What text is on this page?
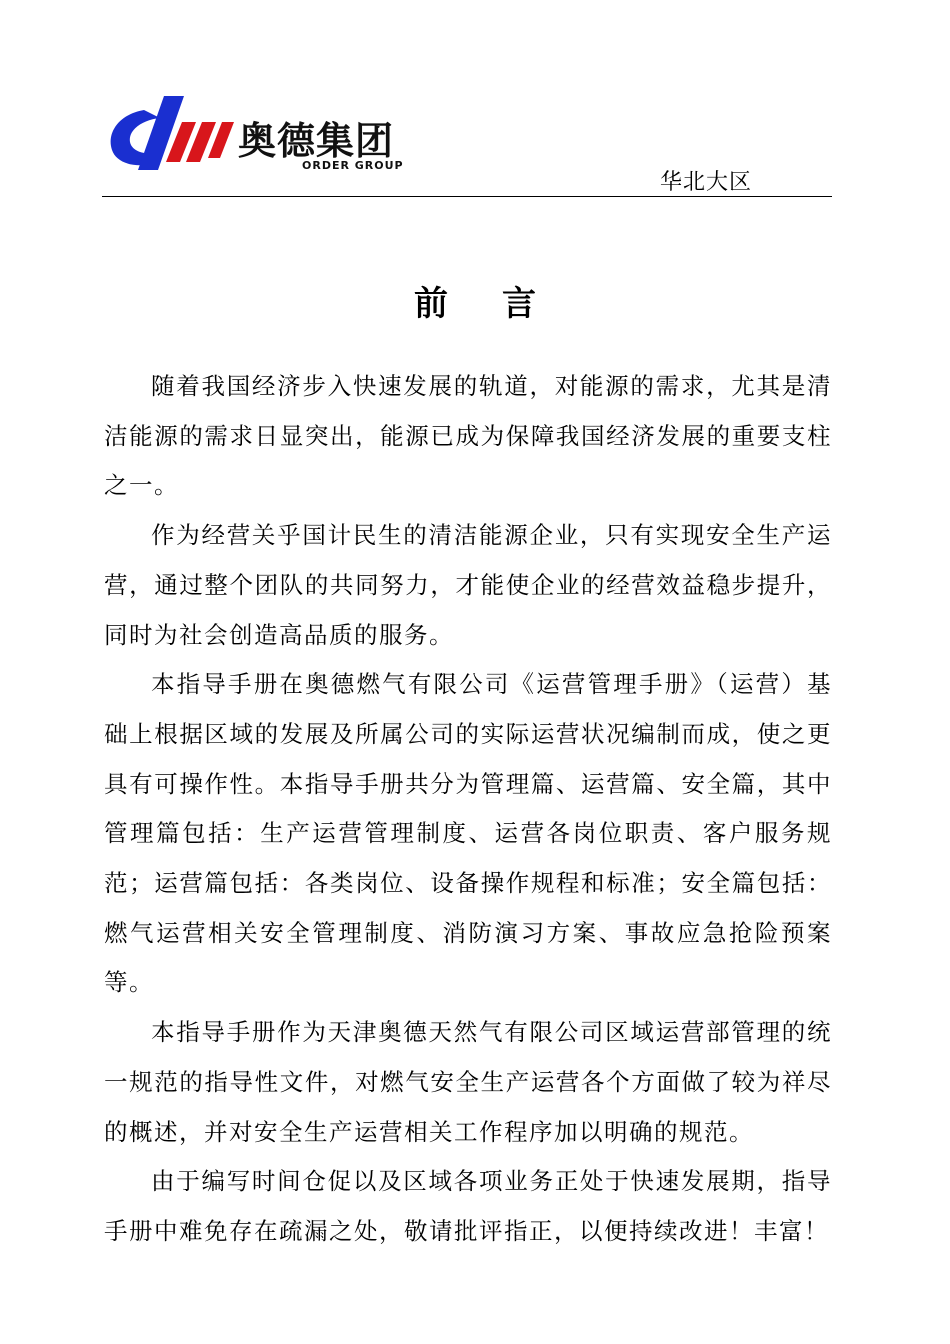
奥德集团
ORDER GROUP
华北大区
前言

随着我国经济步入快速发展的轨道，对能源的需求，尤其是清洁能源的需求日显突出，能源已成为保障我国经济发展的重要支柱之一。

作为经营关乎国计民生的清洁能源企业，只有实现安全生产运营，通过整个团队的共同努力，才能使企业的经营效益稳步提升，同时为社会创造高品质的服务。

本指导手册在奥德燃气有限公司《运营管理手册》（运营）基础上根据区域的发展及所属公司的实际运营状况编制而成，使之更具有可操作性。本指导手册共分为管理篇、运营篇、安全篇，其中管理篇包括：生产运营管理制度、运营各岗位职责、客户服务规范；运营篇包括：各类岗位、设备操作规程和标准；安全篇包括：燃气运营相关安全管理制度、消防演习方案、事故应急抢险预案等。

本指导手册作为天津奥德天然气有限公司区域运营部管理的统一规范的指导性文件，对燃气安全生产运营各个方面做了较为祥尽的概述，并对安全生产运营相关工作程序加以明确的规范。

由于编写时间仓促以及区域各项业务正处于快速发展期，指导手册中难免存在疏漏之处，敬请批评指正，以便持续改进！丰富！
